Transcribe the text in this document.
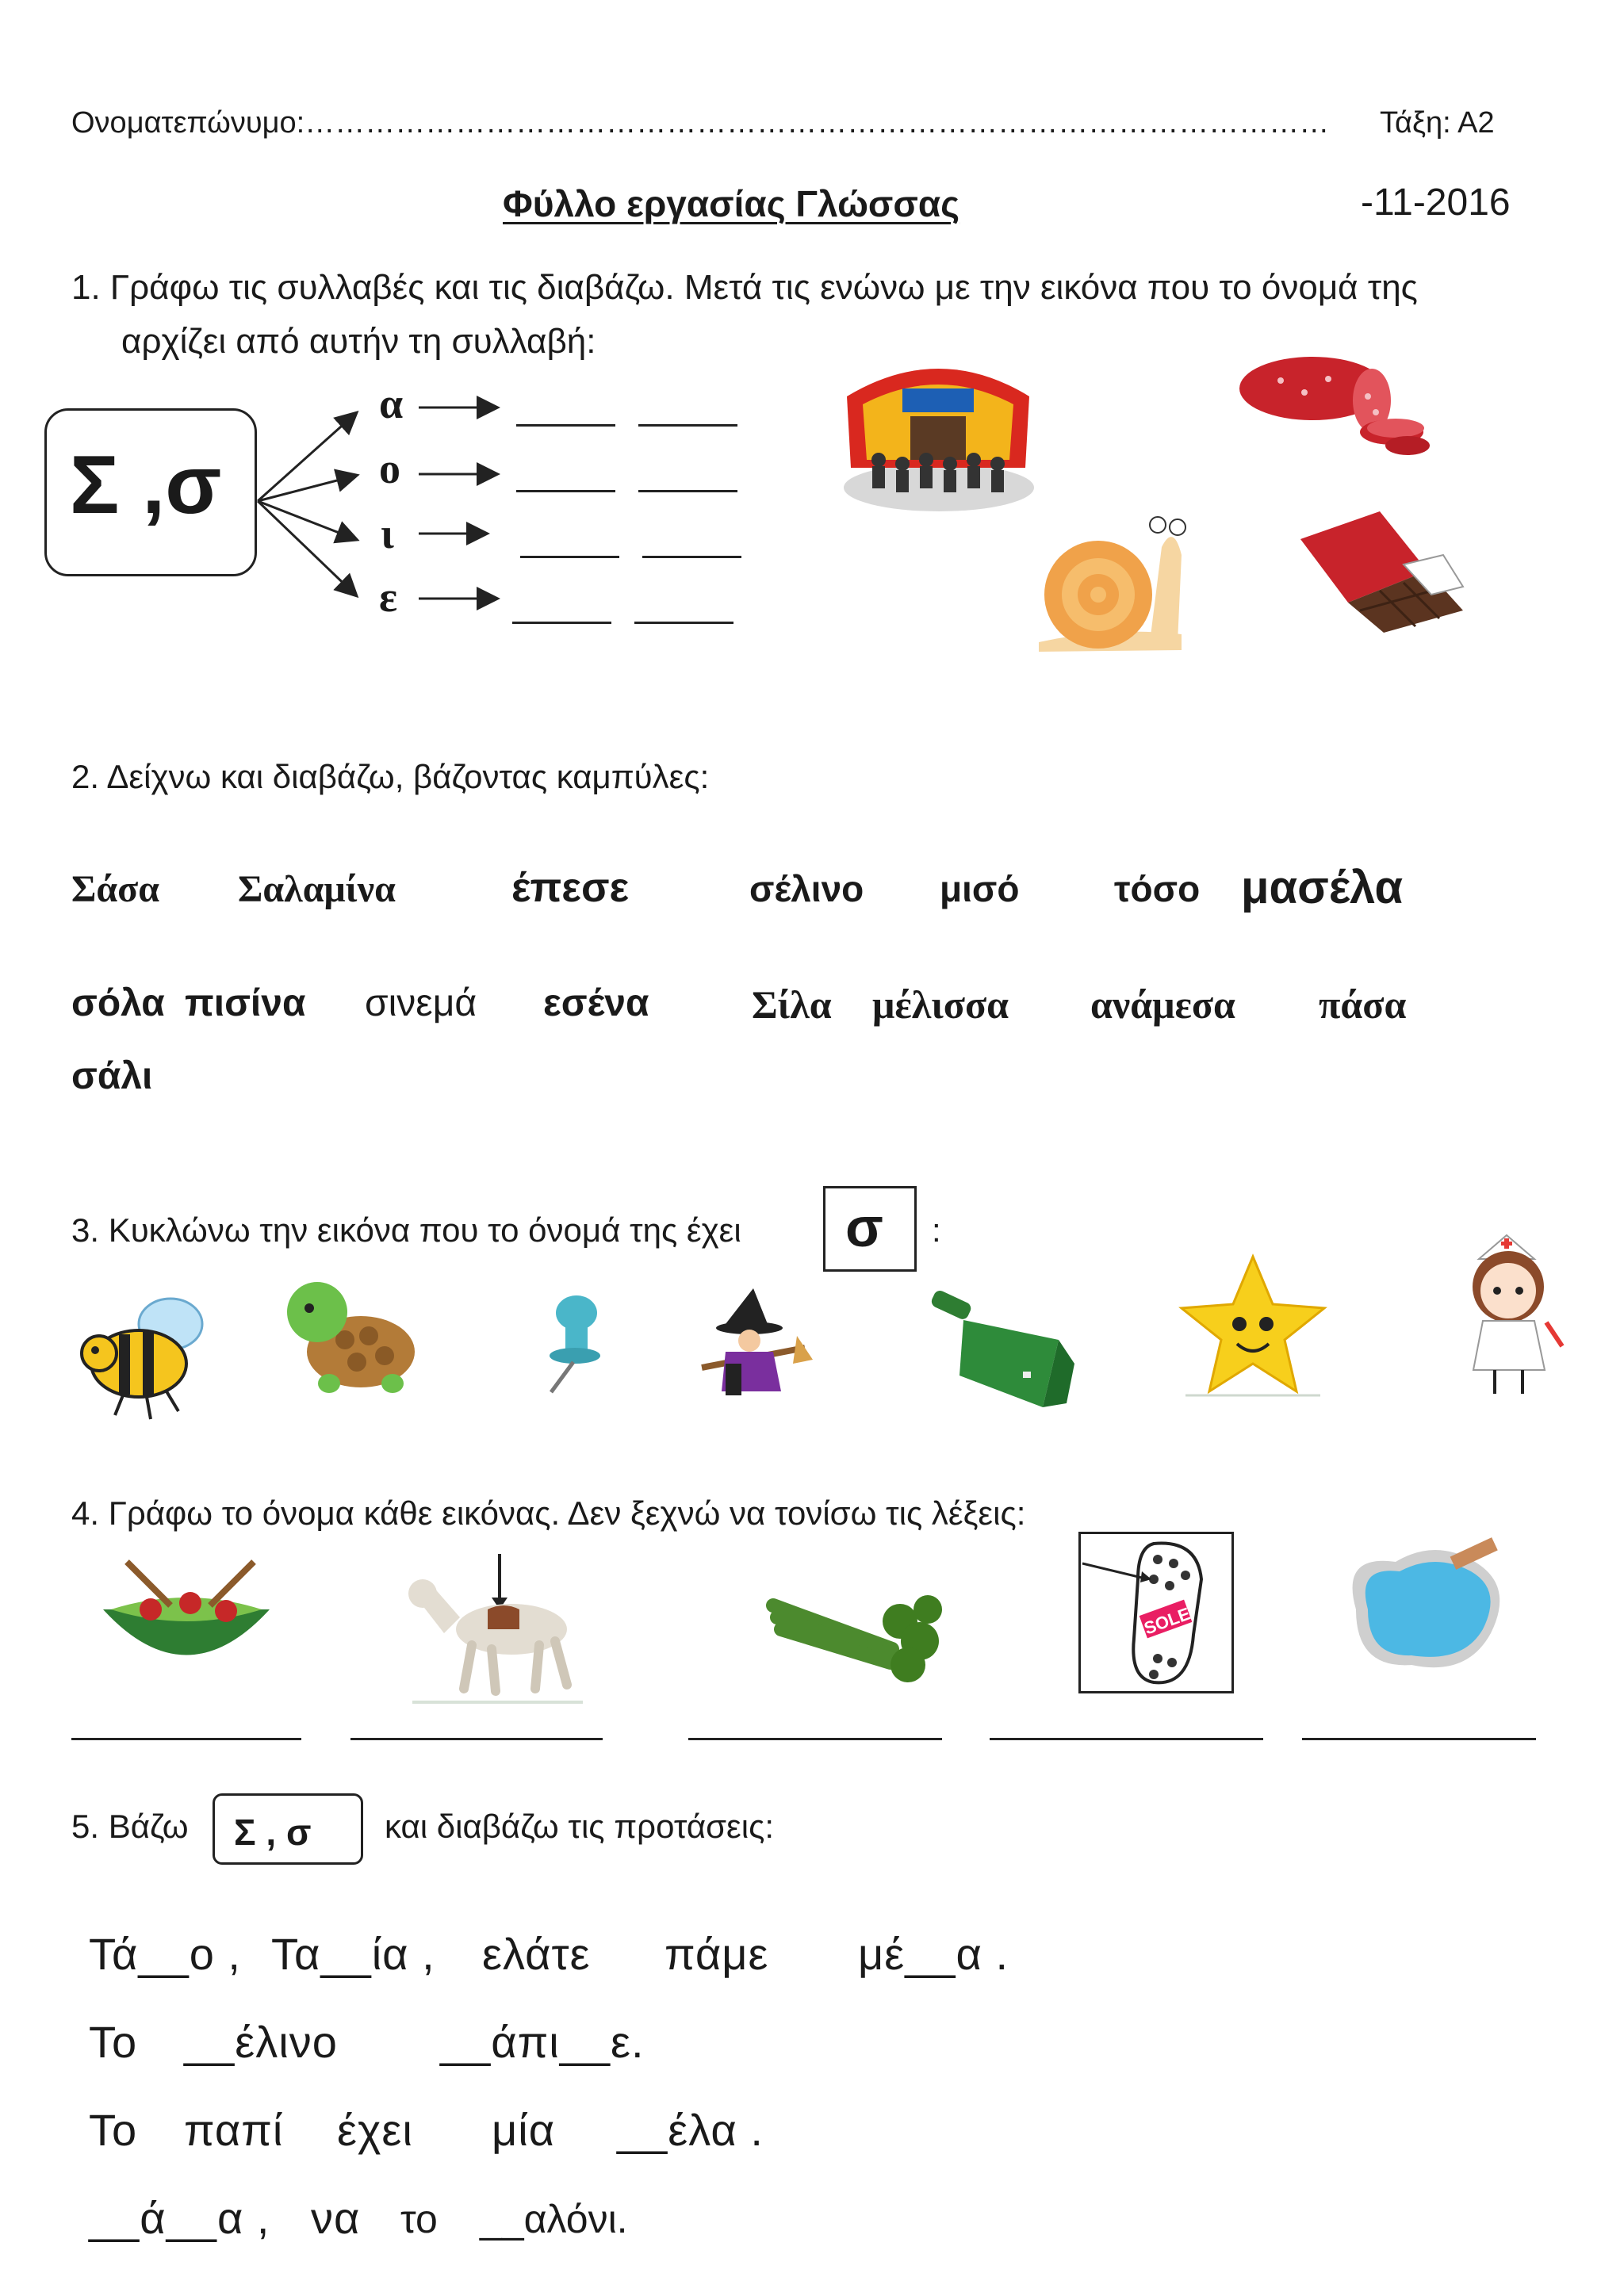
Ονοματεπώνυμο:………………………………………………………………………………………… Τάξη: Α2
Φύλλο εργασίας Γλώσσας	-11-2016
1. Γράφω τις συλλαβές και τις διαβάζω. Μετά τις ενώνω με την εικόνα που το όνομά της
αρχίζει από αυτήν τη συλλαβή:
Σ ,σ
α
ο
ι
ε
2. Δείχνω και διαβάζω, βάζοντας καμπύλες:
Σάσα Σαλαμίνα	έπεσε	σέλινο μισό	τόσο μασέλα
σόλα πισίνα σινεμά εσένα	Σίλα μέλισσα ανάμεσα πάσα
σάλι
3. Κυκλώνω την εικόνα που το όνομά της έχει σ :
4. Γράφω το όνομα κάθε εικόνας. Δεν ξεχνώ να τονίσω τις λέξεις:
SOLE
5. Βάζω Σ , σ και διαβάζω τις προτάσεις:
Τά__ο , Τα__ία , ελάτε πάμε μέ__α .
Το __έλινο __άπι__ε.
Το παπί έχει μία __έλα .
__ά__α , να το __αλόνι.
